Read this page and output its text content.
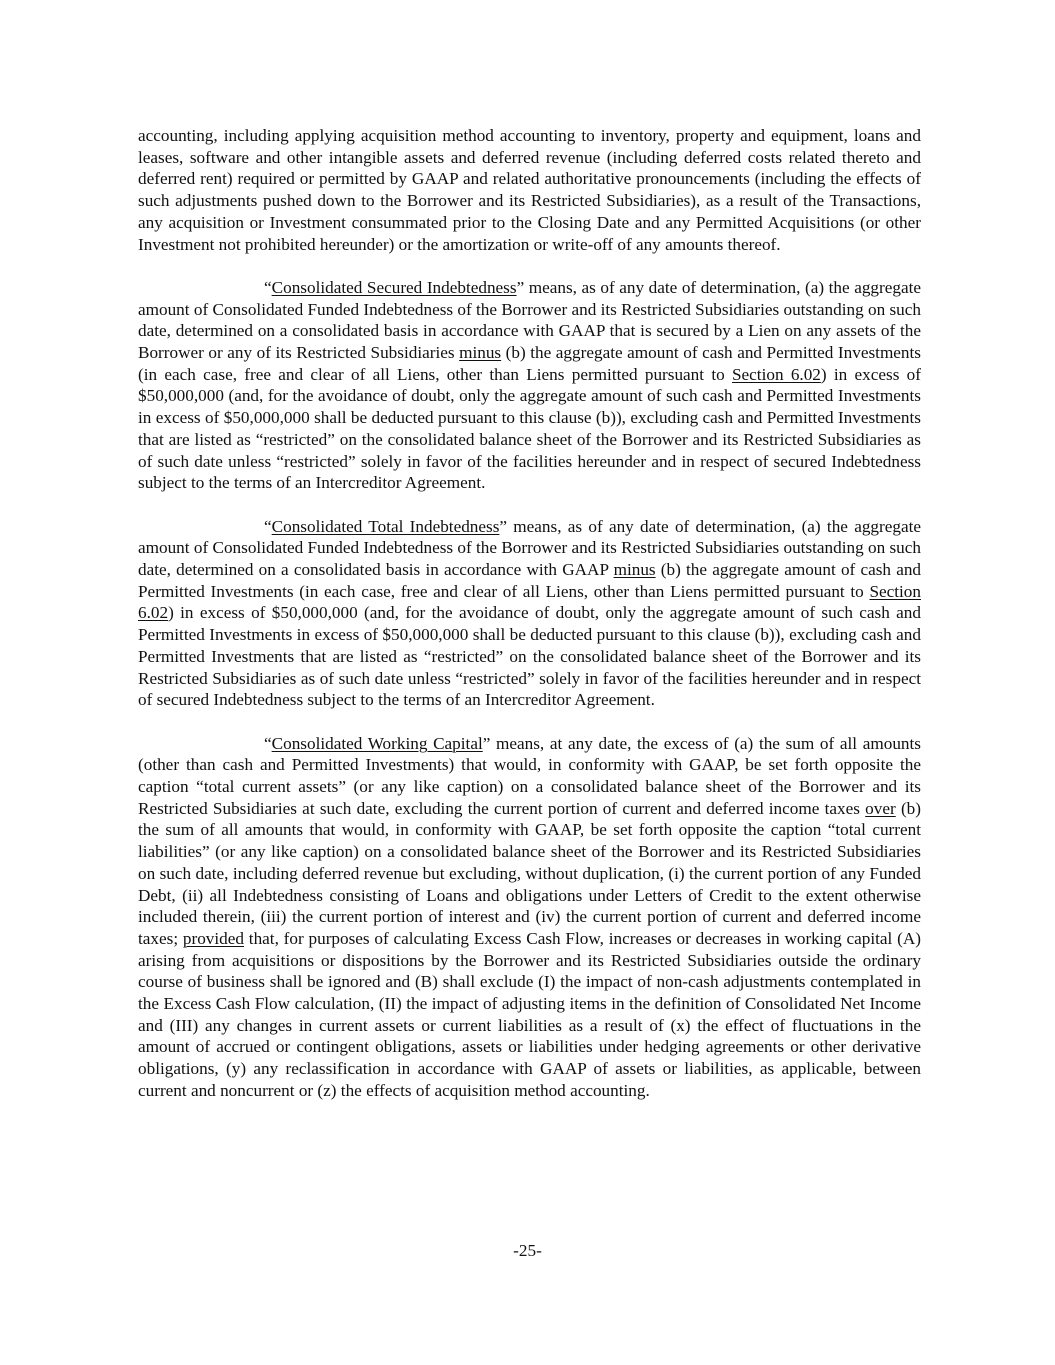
accounting, including applying acquisition method accounting to inventory, property and equipment, loans and leases, software and other intangible assets and deferred revenue (including deferred costs related thereto and deferred rent) required or permitted by GAAP and related authoritative pronouncements (including the effects of such adjustments pushed down to the Borrower and its Restricted Subsidiaries), as a result of the Transactions, any acquisition or Investment consummated prior to the Closing Date and any Permitted Acquisitions (or other Investment not prohibited hereunder) or the amortization or write-off of any amounts thereof.

“Consolidated Secured Indebtedness” means, as of any date of determination, (a) the aggregate amount of Consolidated Funded Indebtedness of the Borrower and its Restricted Subsidiaries outstanding on such date, determined on a consolidated basis in accordance with GAAP that is secured by a Lien on any assets of the Borrower or any of its Restricted Subsidiaries minus (b) the aggregate amount of cash and Permitted Investments (in each case, free and clear of all Liens, other than Liens permitted pursuant to Section 6.02) in excess of $50,000,000 (and, for the avoidance of doubt, only the aggregate amount of such cash and Permitted Investments in excess of $50,000,000 shall be deducted pursuant to this clause (b)), excluding cash and Permitted Investments that are listed as “restricted” on the consolidated balance sheet of the Borrower and its Restricted Subsidiaries as of such date unless “restricted” solely in favor of the facilities hereunder and in respect of secured Indebtedness subject to the terms of an Intercreditor Agreement.

“Consolidated Total Indebtedness” means, as of any date of determination, (a) the aggregate amount of Consolidated Funded Indebtedness of the Borrower and its Restricted Subsidiaries outstanding on such date, determined on a consolidated basis in accordance with GAAP minus (b) the aggregate amount of cash and Permitted Investments (in each case, free and clear of all Liens, other than Liens permitted pursuant to Section 6.02) in excess of $50,000,000 (and, for the avoidance of doubt, only the aggregate amount of such cash and Permitted Investments in excess of $50,000,000 shall be deducted pursuant to this clause (b)), excluding cash and Permitted Investments that are listed as “restricted” on the consolidated balance sheet of the Borrower and its Restricted Subsidiaries as of such date unless “restricted” solely in favor of the facilities hereunder and in respect of secured Indebtedness subject to the terms of an Intercreditor Agreement.

“Consolidated Working Capital” means, at any date, the excess of (a) the sum of all amounts (other than cash and Permitted Investments) that would, in conformity with GAAP, be set forth opposite the caption “total current assets” (or any like caption) on a consolidated balance sheet of the Borrower and its Restricted Subsidiaries at such date, excluding the current portion of current and deferred income taxes over (b) the sum of all amounts that would, in conformity with GAAP, be set forth opposite the caption “total current liabilities” (or any like caption) on a consolidated balance sheet of the Borrower and its Restricted Subsidiaries on such date, including deferred revenue but excluding, without duplication, (i) the current portion of any Funded Debt, (ii) all Indebtedness consisting of Loans and obligations under Letters of Credit to the extent otherwise included therein, (iii) the current portion of interest and (iv) the current portion of current and deferred income taxes; provided that, for purposes of calculating Excess Cash Flow, increases or decreases in working capital (A) arising from acquisitions or dispositions by the Borrower and its Restricted Subsidiaries outside the ordinary course of business shall be ignored and (B) shall exclude (I) the impact of non-cash adjustments contemplated in the Excess Cash Flow calculation, (II) the impact of adjusting items in the definition of Consolidated Net Income and (III) any changes in current assets or current liabilities as a result of (x) the effect of fluctuations in the amount of accrued or contingent obligations, assets or liabilities under hedging agreements or other derivative obligations, (y) any reclassification in accordance with GAAP of assets or liabilities, as applicable, between current and noncurrent or (z) the effects of acquisition method accounting.

-25-
